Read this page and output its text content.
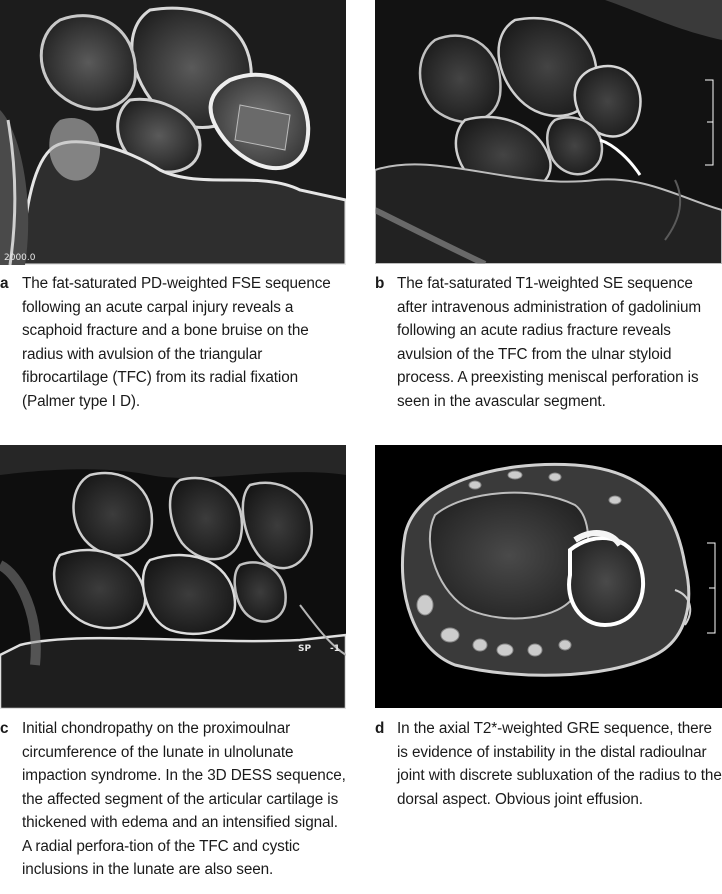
2000.0
a The fat-saturated PD-weighted FSE sequence following an acute carpal injury reveals a scaphoid fracture and a bone bruise on the radius with avulsion of the triangular fibrocartilage (TFC) from its radial fixation (Palmer type I D).
b The fat-saturated T1-weighted SE sequence after intravenous administration of gadolinium following an acute radius fracture reveals avulsion of the TFC from the ulnar styloid process. A preexisting meniscal perforation is seen in the avascular segment.
SP -1
c Initial chondropathy on the proximoulnar circumference of the lunate in ulnolunate impaction syndrome. In the 3D DESS sequence, the affected segment of the articular cartilage is thickened with edema and an intensified signal. A radial perfora-tion of the TFC and cystic inclusions in the lunate are also seen.
d In the axial T2*-weighted GRE sequence, there is evidence of instability in the distal radioulnar joint with discrete subluxation of the radius to the dorsal aspect. Obvious joint effusion.
